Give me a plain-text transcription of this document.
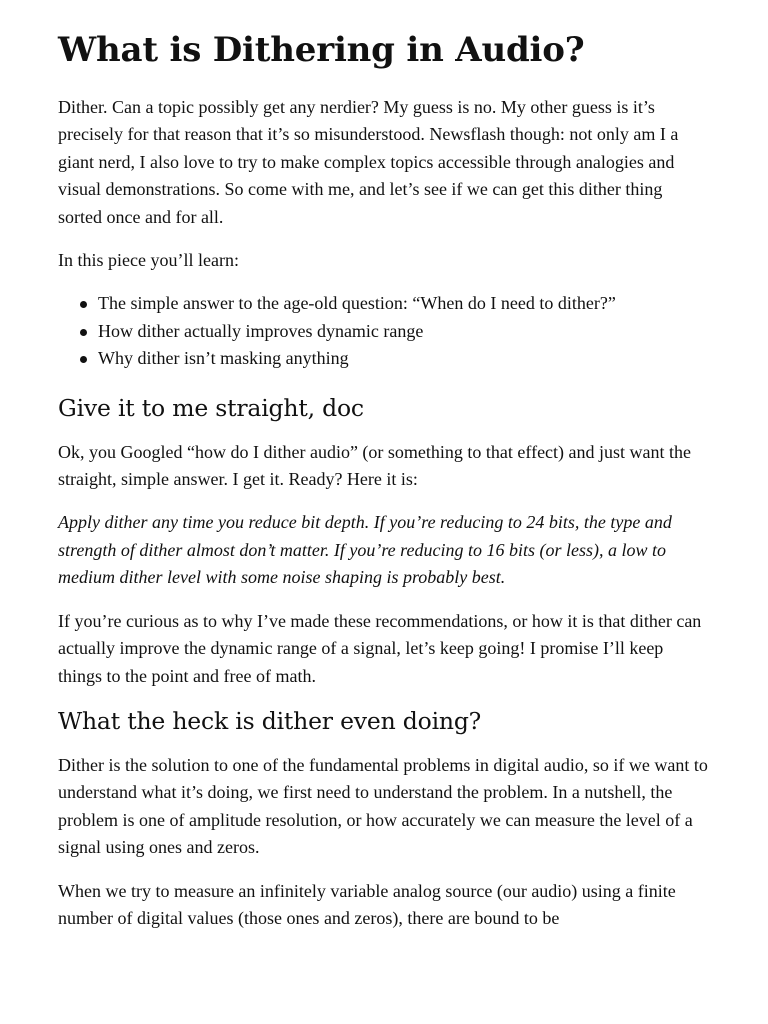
What is Dithering in Audio?

Dither. Can a topic possibly get any nerdier? My guess is no. My other guess is it’s precisely for that reason that it’s so misunderstood. Newsflash though: not only am I a giant nerd, I also love to try to make complex topics accessible through analogies and visual demonstrations. So come with me, and let’s see if we can get this dither thing sorted once and for all.

In this piece you’ll learn:

The simple answer to the age-old question: “When do I need to dither?”
How dither actually improves dynamic range
Why dither isn’t masking anything
Give it to me straight, doc

Ok, you Googled “how do I dither audio” (or something to that effect) and just want the straight, simple answer. I get it. Ready? Here it is:

Apply dither any time you reduce bit depth. If you’re reducing to 24 bits, the type and strength of dither almost don’t matter. If you’re reducing to 16 bits (or less), a low to medium dither level with some noise shaping is probably best.

If you’re curious as to why I’ve made these recommendations, or how it is that dither can actually improve the dynamic range of a signal, let’s keep going! I promise I’ll keep things to the point and free of math.

What the heck is dither even doing?

Dither is the solution to one of the fundamental problems in digital audio, so if we want to understand what it’s doing, we first need to understand the problem. In a nutshell, the problem is one of amplitude resolution, or how accurately we can measure the level of a signal using ones and zeros.

When we try to measure an infinitely variable analog source (our audio) using a finite number of digital values (those ones and zeros), there are bound to be
